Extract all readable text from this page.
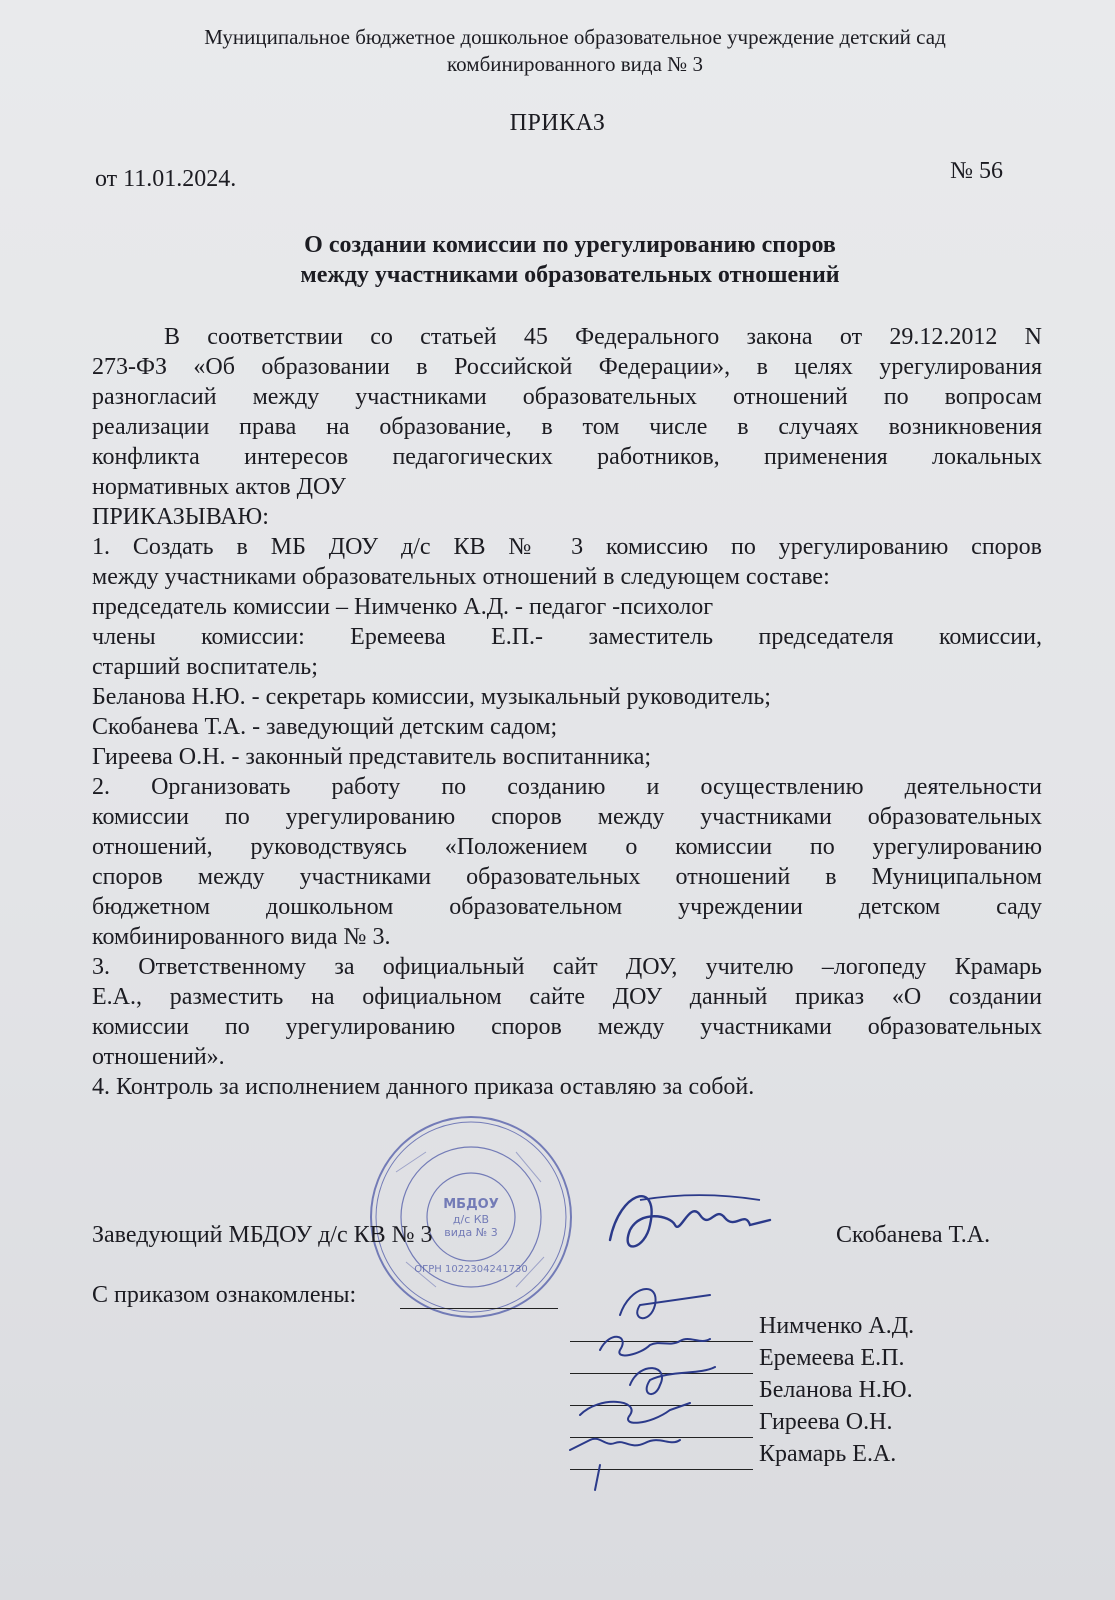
Муниципальное бюджетное дошкольное образовательное учреждение детский сад
комбинированного вида № 3
ПРИКАЗ
от 11.01.2024.	№ 56
О создании комиссии по урегулированию споров
между участниками образовательных отношений

В соответствии со статьей 45 Федерального закона от 29.12.2012 N

273-ФЗ «Об образовании в Российской Федерации», в целях урегулирования

разногласий между участниками образовательных отношений по вопросам

реализации права на образование, в том числе в случаях возникновения

конфликта интересов педагогических работников, применения локальных

нормативных актов ДОУ

ПРИКАЗЫВАЮ:

1. Создать в МБ ДОУ д/с КВ № 3 комиссию по урегулированию споров

между участниками образовательных отношений в следующем составе:

председатель комиссии – Нимченко А.Д. - педагог -психолог

члены комиссии: Еремеева Е.П.- заместитель председателя комиссии,

старший воспитатель;

Беланова Н.Ю. - секретарь комиссии, музыкальный руководитель;

Скобанева Т.А. - заведующий детским садом;

Гиреева О.Н. - законный представитель воспитанника;

2. Организовать работу по созданию и осуществлению деятельности

комиссии по урегулированию споров между участниками образовательных

отношений, руководствуясь «Положением о комиссии по урегулированию

споров между участниками образовательных отношений в Муниципальном

бюджетном дошкольном образовательном учреждении детском саду

комбинированного вида № 3.

3. Ответственному за официальный сайт ДОУ, учителю –логопеду Крамарь

Е.А., разместить на официальном сайте ДОУ данный приказ «О создании

комиссии по урегулированию споров между участниками образовательных

отношений».

4. Контроль за исполнением данного приказа оставляю за собой.

МБДОУ
д/с КВ
вида № 3
ОГРН 1022304241730
Заведующий МБДОУ д/с КВ № 3	Скобанева Т.А.
С приказом ознакомлены:
Нимченко А.Д.
Еремеева Е.П.
Беланова Н.Ю.
Гиреева О.Н.
Крамарь Е.А.
